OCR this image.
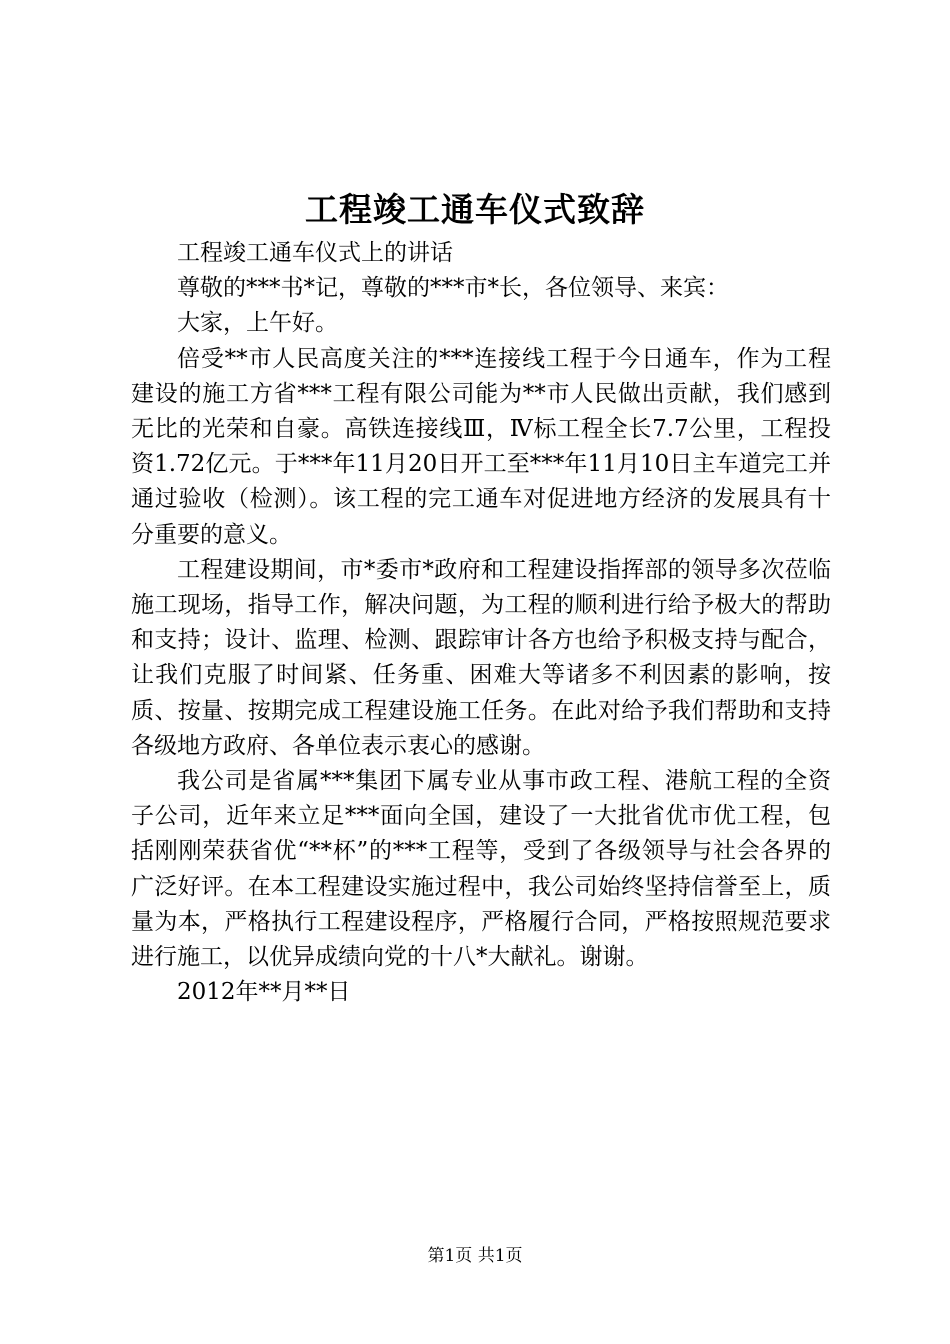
工程竣工通车仪式致辞

工程竣工通车仪式上的讲话

尊敬的***书*记，尊敬的***市*长，各位领导、来宾：

大家，上午好。

倍受**市人民高度关注的***连接线工程于今日通车，作为工程建设的施工方省***工程有限公司能为**市人民做出贡献，我们感到无比的光荣和自豪。高铁连接线Ⅲ，Ⅳ标工程全长7.7公里，工程投资1.72亿元。于***年11月20日开工至***年11月10日主车道完工并通过验收（检测）。该工程的完工通车对促进地方经济的发展具有十分重要的意义。

工程建设期间，市*委市*政府和工程建设指挥部的领导多次莅临施工现场，指导工作，解决问题，为工程的顺利进行给予极大的帮助和支持；设计、监理、检测、跟踪审计各方也给予积极支持与配合，让我们克服了时间紧、任务重、困难大等诸多不利因素的影响，按质、按量、按期完成工程建设施工任务。在此对给予我们帮助和支持各级地方政府、各单位表示衷心的感谢。

我公司是省属***集团下属专业从事市政工程、港航工程的全资子公司，近年来立足***面向全国，建设了一大批省优市优工程，包括刚刚荣获省优“**杯”的***工程等，受到了各级领导与社会各界的广泛好评。在本工程建设实施过程中，我公司始终坚持信誉至上，质量为本，严格执行工程建设程序，严格履行合同，严格按照规范要求进行施工，以优异成绩向党的十八*大献礼。谢谢。

2012年**月**日

第1页 共1页
